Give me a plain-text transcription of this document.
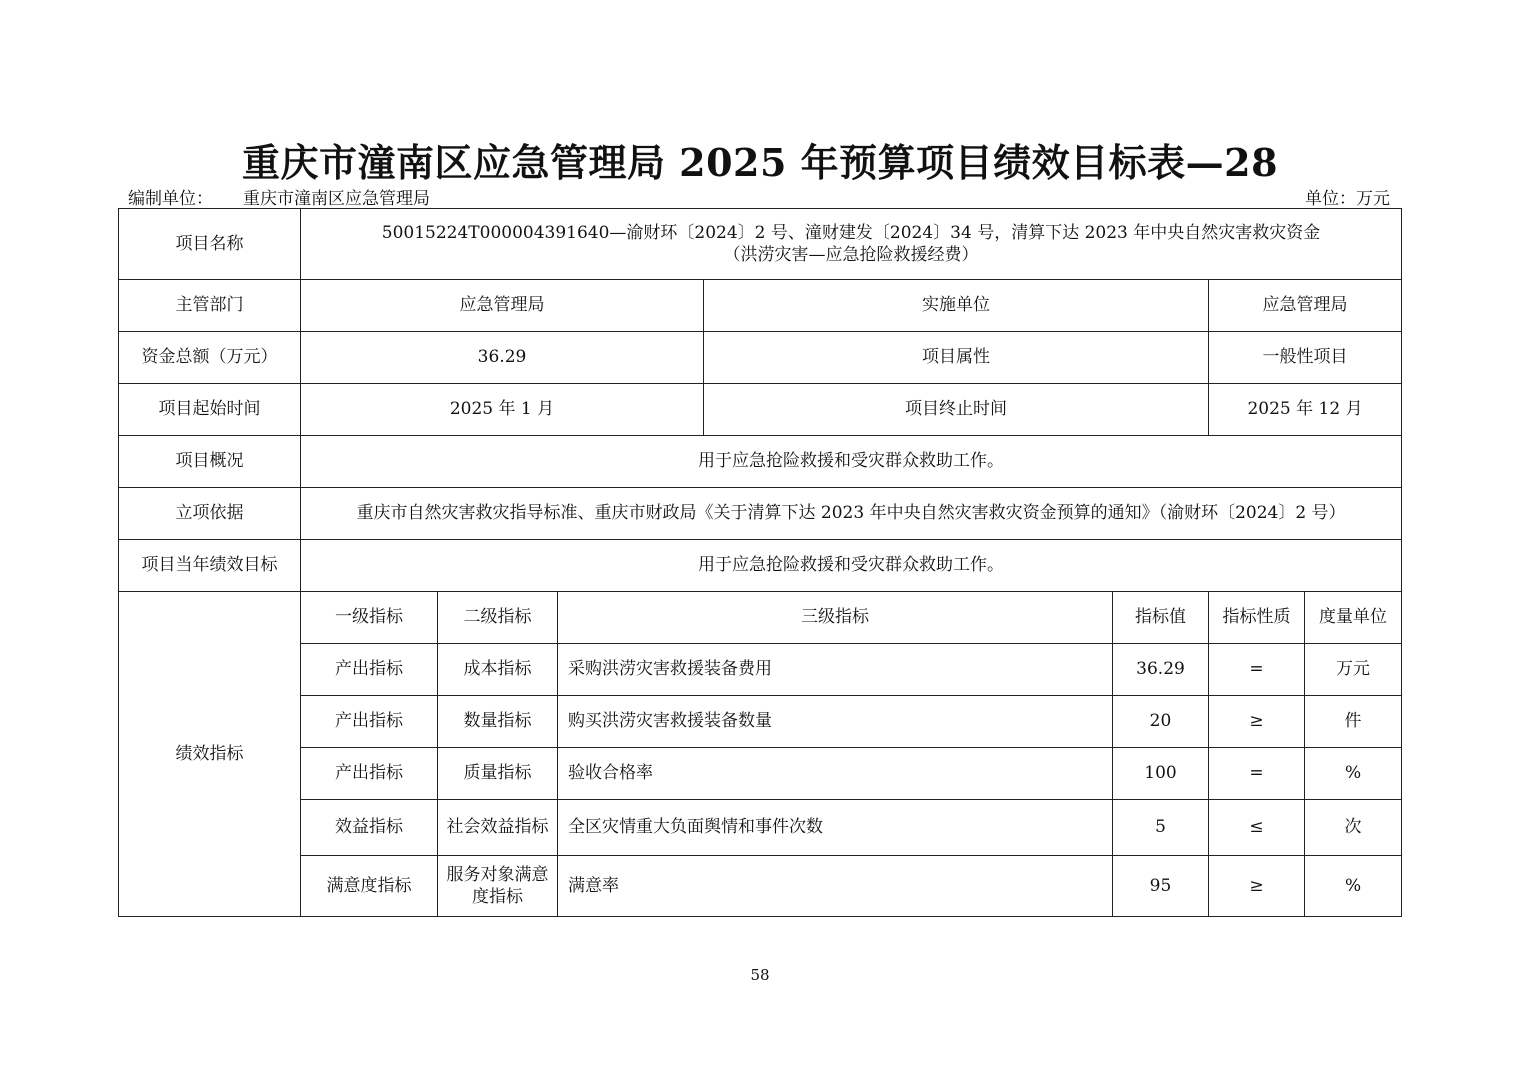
重庆市潼南区应急管理局 2025 年预算项目绩效目标表—28
编制单位： 重庆市潼南区应急管理局	单位：万元
项目名称	50015224T000004391640—渝财环〔2024〕2 号、潼财建发〔2024〕34 号，清算下达 2023 年中央自然灾害救灾资金
（洪涝灾害—应急抢险救援经费）						

主管部门	应急管理局			实施单位		应急管理局	
资金总额（万元）	36.29			项目属性		一般性项目	
项目起始时间	2025 年 1 月			项目终止时间		2025 年 12 月	
项目概况	用于应急抢险救援和受灾群众救助工作。						
立项依据	重庆市自然灾害救灾指导标准、重庆市财政局《关于清算下达 2023 年中央自然灾害救灾资金预算的通知》（渝财环〔2024〕2 号）						
项目当年绩效目标	用于应急抢险救援和受灾群众救助工作。						
绩效指标	一级指标	二级指标	三级指标		指标值	指标性质	度量单位
	产出指标	成本指标	采购洪涝灾害救援装备费用		36.29	=	万元
	产出指标	数量指标	购买洪涝灾害救援装备数量		20	≥	件
	产出指标	质量指标	验收合格率		100	=	%
	效益指标	社会效益指标	全区灾情重大负面舆情和事件次数		5	≤	次
	满意度指标	服务对象满意度指标	满意率		95	≥	%
58
